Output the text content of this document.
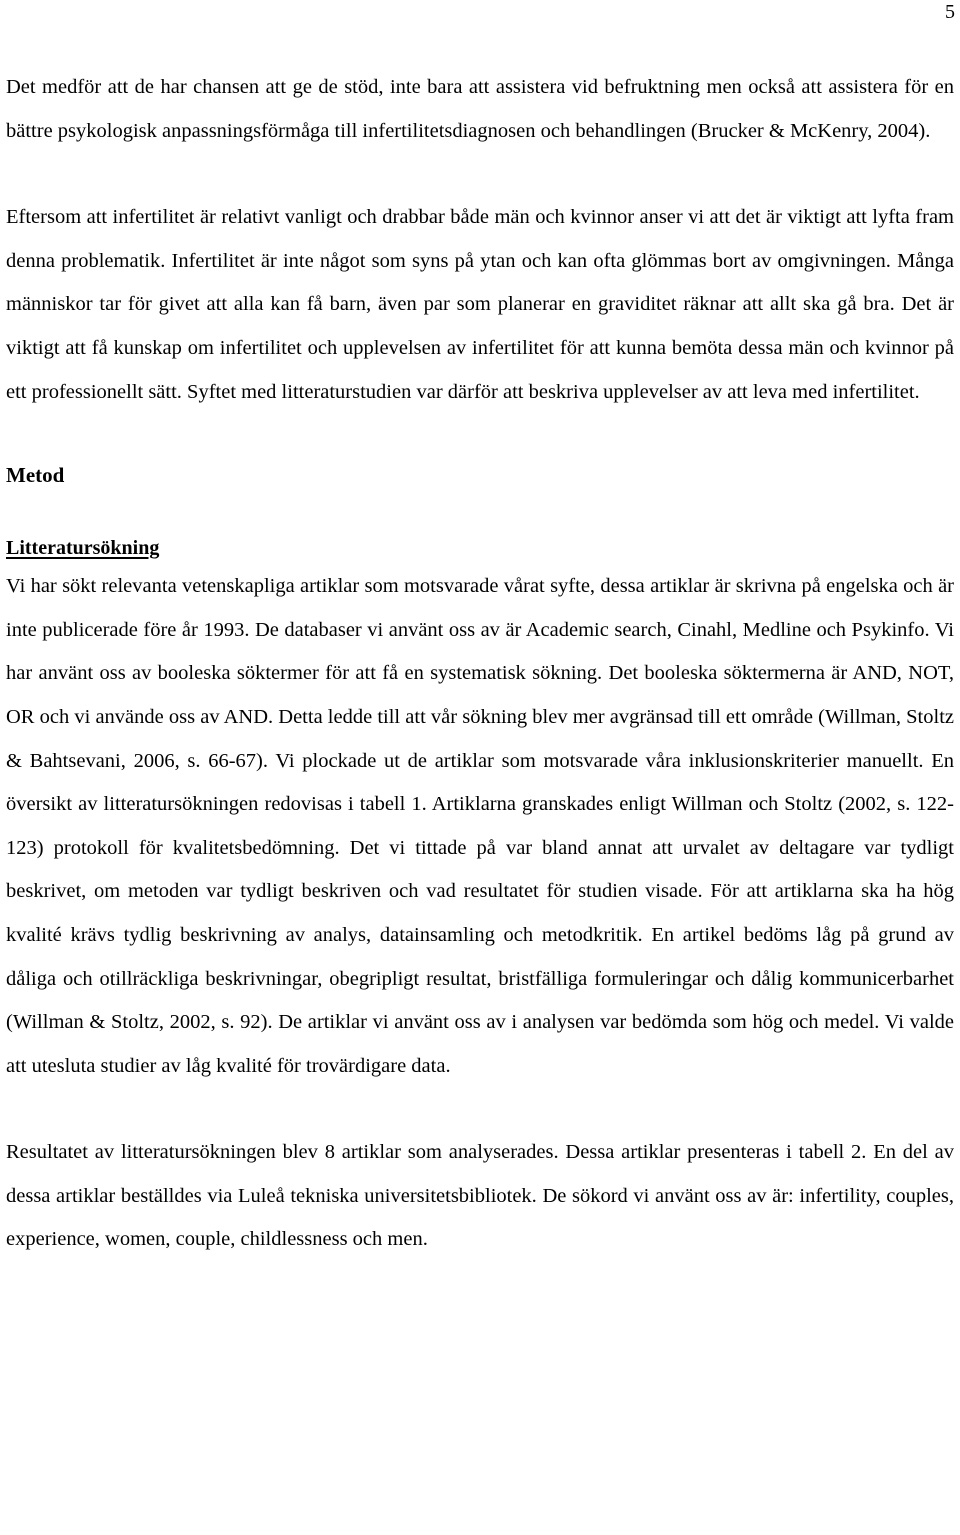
5

Det medför att de har chansen att ge de stöd, inte bara att assistera vid befruktning men också att assistera för en bättre psykologisk anpassningsförmåga till infertilitetsdiagnosen och behandlingen (Brucker & McKenry, 2004).

Eftersom att infertilitet är relativt vanligt och drabbar både män och kvinnor anser vi att det är viktigt att lyfta fram denna problematik. Infertilitet är inte något som syns på ytan och kan ofta glömmas bort av omgivningen. Många människor tar för givet att alla kan få barn, även par som planerar en graviditet räknar att allt ska gå bra. Det är viktigt att få kunskap om infertilitet och upplevelsen av infertilitet för att kunna bemöta dessa män och kvinnor på ett professionellt sätt. Syftet med litteraturstudien var därför att beskriva upplevelser av att leva med infertilitet.

Metod
Litteratursökning

Vi har sökt relevanta vetenskapliga artiklar som motsvarade vårat syfte, dessa artiklar är skrivna på engelska och är inte publicerade före år 1993. De databaser vi använt oss av är Academic search, Cinahl, Medline och Psykinfo. Vi har använt oss av booleska söktermer för att få en systematisk sökning. Det booleska söktermerna är AND, NOT, OR och vi använde oss av AND. Detta ledde till att vår sökning blev mer avgränsad till ett område (Willman, Stoltz & Bahtsevani, 2006, s. 66-67). Vi plockade ut de artiklar som motsvarade våra inklusionskriterier manuellt. En översikt av litteratursökningen redovisas i tabell 1. Artiklarna granskades enligt Willman och Stoltz (2002, s. 122-123) protokoll för kvalitetsbedömning. Det vi tittade på var bland annat att urvalet av deltagare var tydligt beskrivet, om metoden var tydligt beskriven och vad resultatet för studien visade. För att artiklarna ska ha hög kvalité krävs tydlig beskrivning av analys, datainsamling och metodkritik. En artikel bedöms låg på grund av dåliga och otillräckliga beskrivningar, obegripligt resultat, bristfälliga formuleringar och dålig kommunicerbarhet (Willman & Stoltz, 2002, s. 92). De artiklar vi använt oss av i analysen var bedömda som hög och medel. Vi valde att utesluta studier av låg kvalité för trovärdigare data.

Resultatet av litteratursökningen blev 8 artiklar som analyserades. Dessa artiklar presenteras i tabell 2. En del av dessa artiklar beställdes via Luleå tekniska universitetsbibliotek. De sökord vi använt oss av är: infertility, couples, experience, women, couple, childlessness och men.
